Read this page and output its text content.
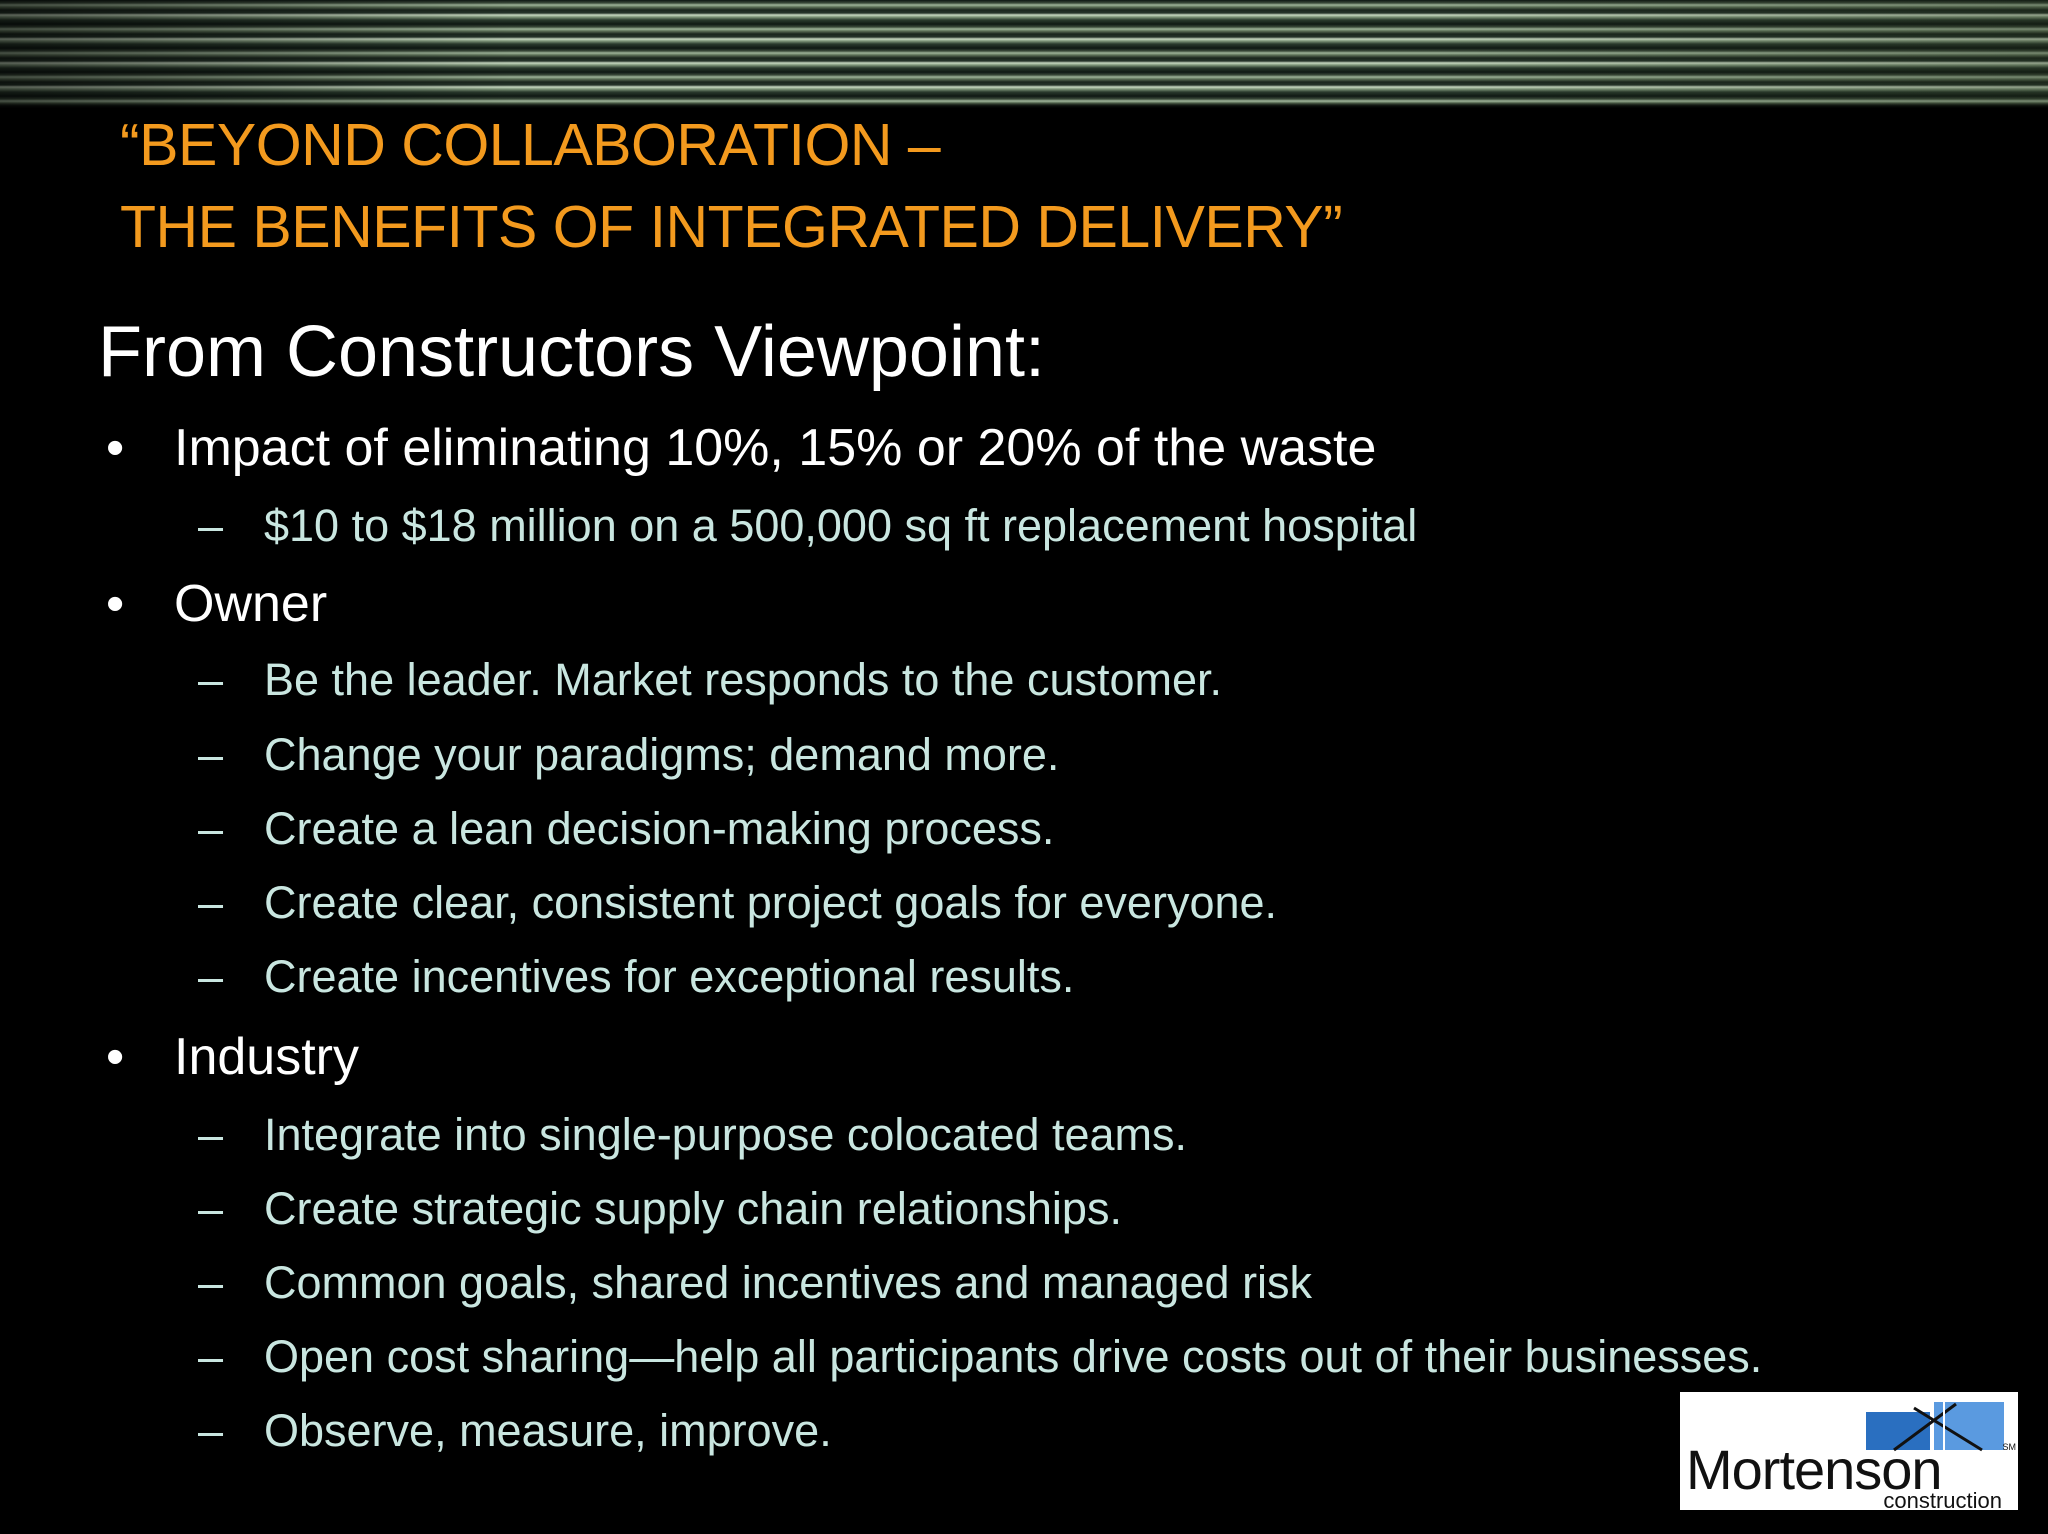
“BEYOND COLLABORATION –
THE BENEFITS OF INTEGRATED DELIVERY”
From Constructors Viewpoint:
• Impact of eliminating 10%, 15% or 20% of the waste
– $10 to $18 million on a 500,000 sq ft replacement hospital
• Owner
– Be the leader. Market responds to the customer.
– Change your paradigms; demand more.
– Create a lean decision-making process.
– Create clear, consistent project goals for everyone.
– Create incentives for exceptional results.
• Industry
– Integrate into single-purpose colocated teams.
– Create strategic supply chain relationships.
– Common goals, shared incentives and managed risk
– Open cost sharing—help all participants drive costs out of their businesses.
– Observe, measure, improve.
Mortenson
construction
SM
